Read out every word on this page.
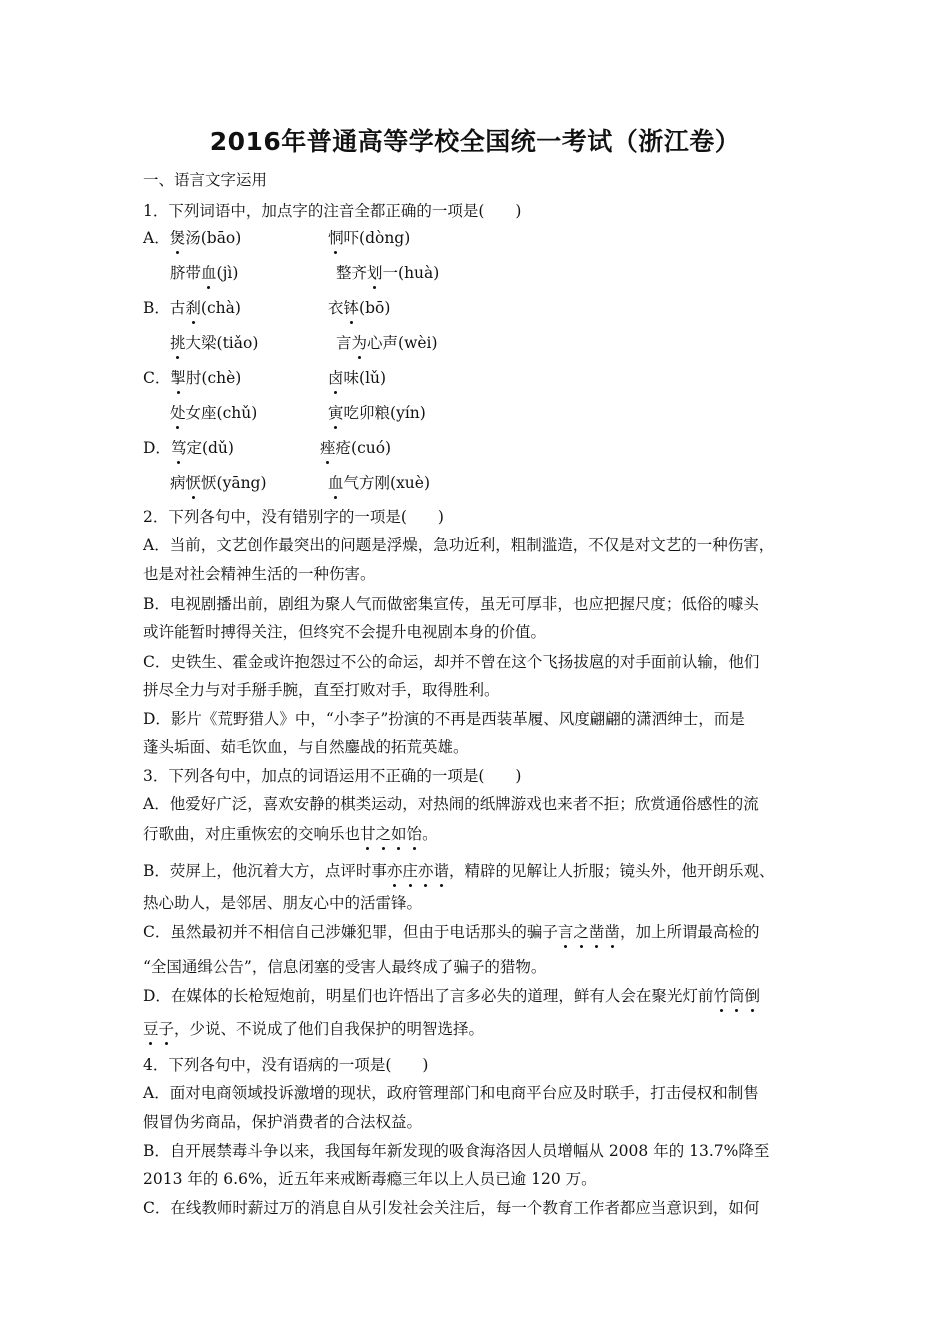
2016年普通高等学校全国统一考试（浙江卷）
一、语言文字运用
1．下列词语中，加点字的注音全都正确的一项是(　　)
A．煲汤(bāo)	恫吓(dòng)
脐带血(jì)	整齐划一(huà)
B．古刹(chà)	衣钵(bō)
挑大梁(tiǎo)	言为心声(wèi)
C．掣肘(chè)	卤味(lǔ)
处女座(chǔ)	寅吃卯粮(yín)
D．笃定(dǔ)	痤疮(cuó)
病恹恹(yāng)	血气方刚(xuè)
2．下列各句中，没有错别字的一项是(　　)
A．当前，文艺创作最突出的问题是浮燥，急功近利，粗制滥造，不仅是对文艺的一种伤害，
也是对社会精神生活的一种伤害。
B．电视剧播出前，剧组为聚人气而做密集宣传，虽无可厚非，也应把握尺度；低俗的噱头
或许能暂时搏得关注，但终究不会提升电视剧本身的价值。
C．史铁生、霍金或许抱怨过不公的命运，却并不曾在这个飞扬拔扈的对手面前认输，他们
拼尽全力与对手掰手腕，直至打败对手，取得胜利。
D．影片《荒野猎人》中，“小李子”扮演的不再是西装革履、风度翩翩的潇洒绅士，而是
蓬头垢面、茹毛饮血，与自然鏖战的拓荒英雄。
3．下列各句中，加点的词语运用不正确的一项是(　　)
A．他爱好广泛，喜欢安静的棋类运动，对热闹的纸牌游戏也来者不拒；欣赏通俗感性的流
行歌曲，对庄重恢宏的交响乐也甘之如饴。
B．荧屏上，他沉着大方，点评时事亦庄亦谐，精辟的见解让人折服；镜头外，他开朗乐观、
热心助人，是邻居、朋友心中的活雷锋。
C．虽然最初并不相信自己涉嫌犯罪，但由于电话那头的骗子言之凿凿，加上所谓最高检的
“全国通缉公告”，信息闭塞的受害人最终成了骗子的猎物。
D．在媒体的长枪短炮前，明星们也许悟出了言多必失的道理，鲜有人会在聚光灯前竹筒倒
豆子，少说、不说成了他们自我保护的明智选择。
4．下列各句中，没有语病的一项是(　　)
A．面对电商领域投诉激增的现状，政府管理部门和电商平台应及时联手，打击侵权和制售
假冒伪劣商品，保护消费者的合法权益。
B．自开展禁毒斗争以来，我国每年新发现的吸食海洛因人员增幅从 2008 年的 13.7%降至
2013 年的 6.6%，近五年来戒断毒瘾三年以上人员已逾 120 万。
C．在线教师时薪过万的消息自从引发社会关注后，每一个教育工作者都应当意识到，如何
